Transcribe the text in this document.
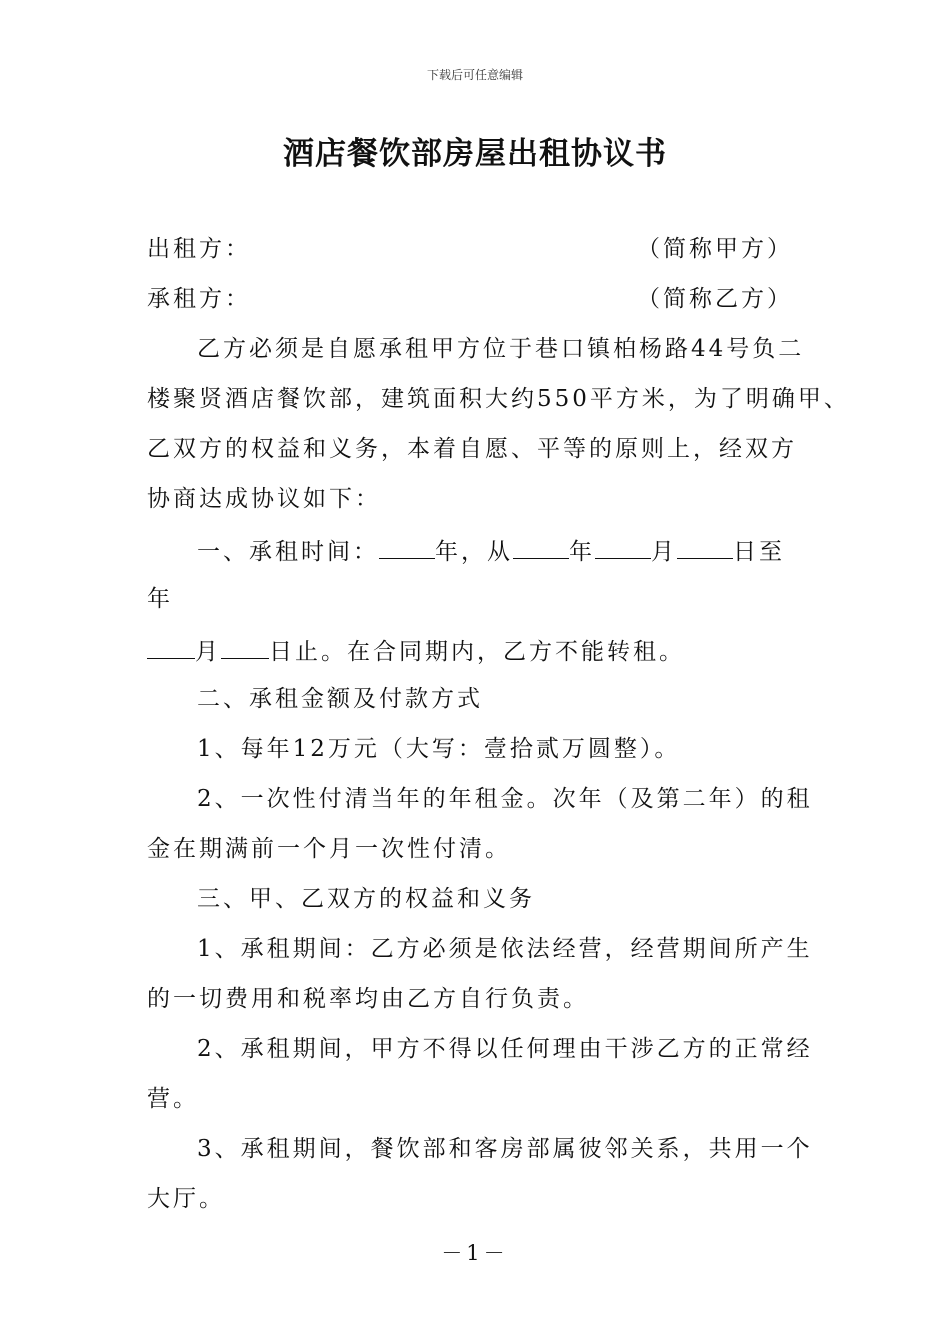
下载后可任意编辑
酒店餐饮部房屋出租协议书
出租方：	（简称甲方）
承租方：	（简称乙方）
乙方必须是自愿承租甲方位于巷口镇柏杨路44号负二
楼聚贤酒店餐饮部，建筑面积大约550平方米，为了明确甲、
乙双方的权益和义务，本着自愿、平等的原则上，经双方
协商达成协议如下：
一、承租时间： 年，从 年 月 日至
年
月 日止。在合同期内，乙方不能转租。
二、承租金额及付款方式
1、每年12万元（大写：壹拾贰万圆整）。
2、一次性付清当年的年租金。次年（及第二年）的租
金在期满前一个月一次性付清。
三、甲、乙双方的权益和义务
1、承租期间：乙方必须是依法经营，经营期间所产生
的一切费用和税率均由乙方自行负责。
2、承租期间，甲方不得以任何理由干涉乙方的正常经
营。
3、承租期间，餐饮部和客房部属彼邻关系，共用一个
大厅。
－1－
